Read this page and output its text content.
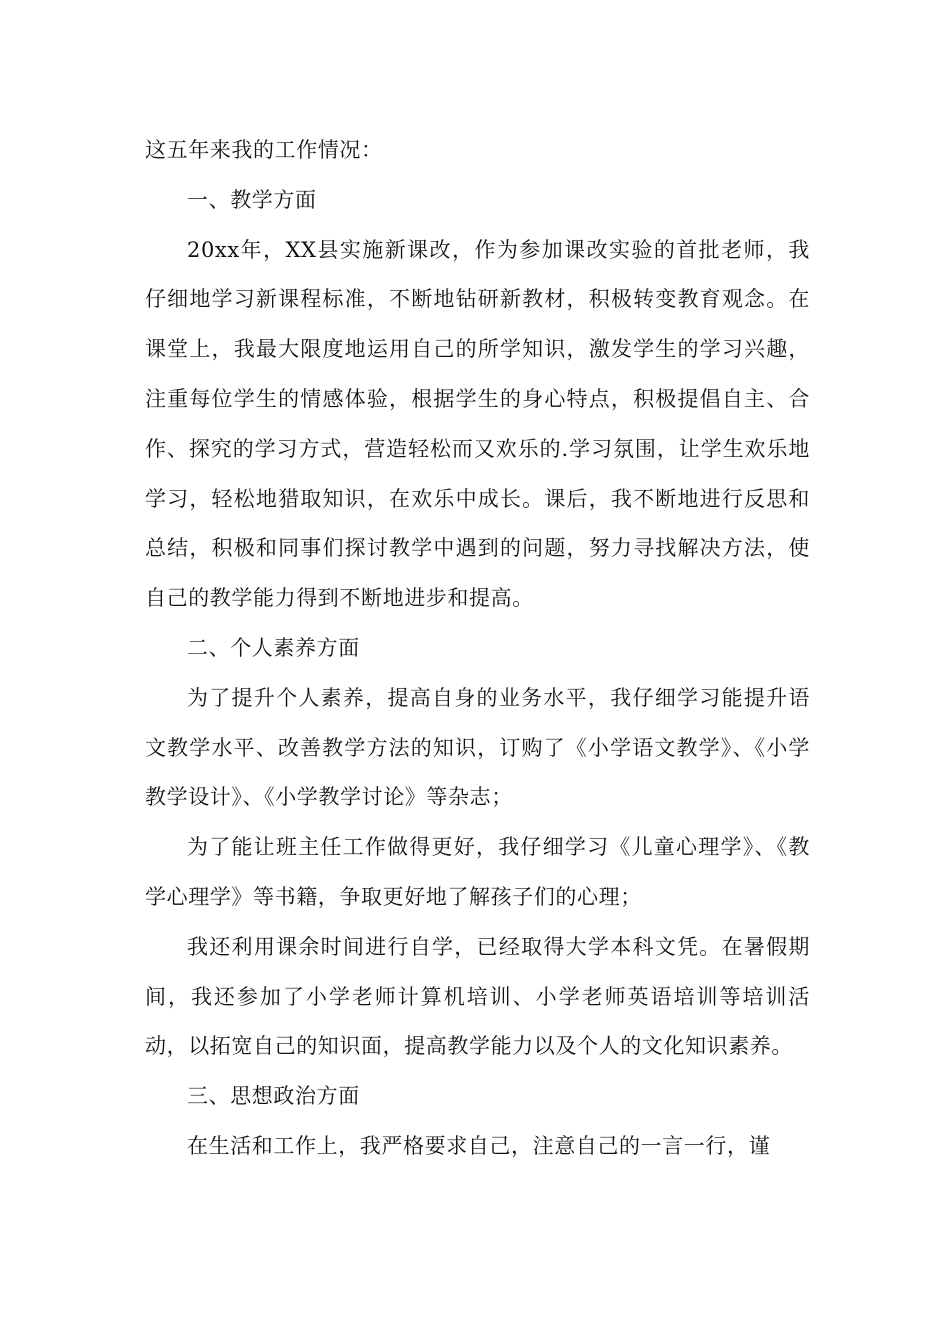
这五年来我的工作情况：

一、教学方面

20xx年，XX县实施新课改，作为参加课改实验的首批老师，我仔细地学习新课程标准，不断地钻研新教材，积极转变教育观念。在课堂上，我最大限度地运用自己的所学知识，激发学生的学习兴趣，注重每位学生的情感体验，根据学生的身心特点，积极提倡自主、合作、探究的学习方式，营造轻松而又欢乐的.学习氛围，让学生欢乐地学习，轻松地猎取知识，在欢乐中成长。课后，我不断地进行反思和总结，积极和同事们探讨教学中遇到的问题，努力寻找解决方法，使自己的教学能力得到不断地进步和提高。

二、个人素养方面

为了提升个人素养，提高自身的业务水平，我仔细学习能提升语文教学水平、改善教学方法的知识，订购了《小学语文教学》、《小学教学设计》、《小学教学讨论》等杂志；

为了能让班主任工作做得更好，我仔细学习《儿童心理学》、《教学心理学》等书籍，争取更好地了解孩子们的心理；

我还利用课余时间进行自学，已经取得大学本科文凭。在暑假期间，我还参加了小学老师计算机培训、小学老师英语培训等培训活动，以拓宽自己的知识面，提高教学能力以及个人的文化知识素养。

三、思想政治方面

在生活和工作上，我严格要求自己，注意自己的一言一行，谨
